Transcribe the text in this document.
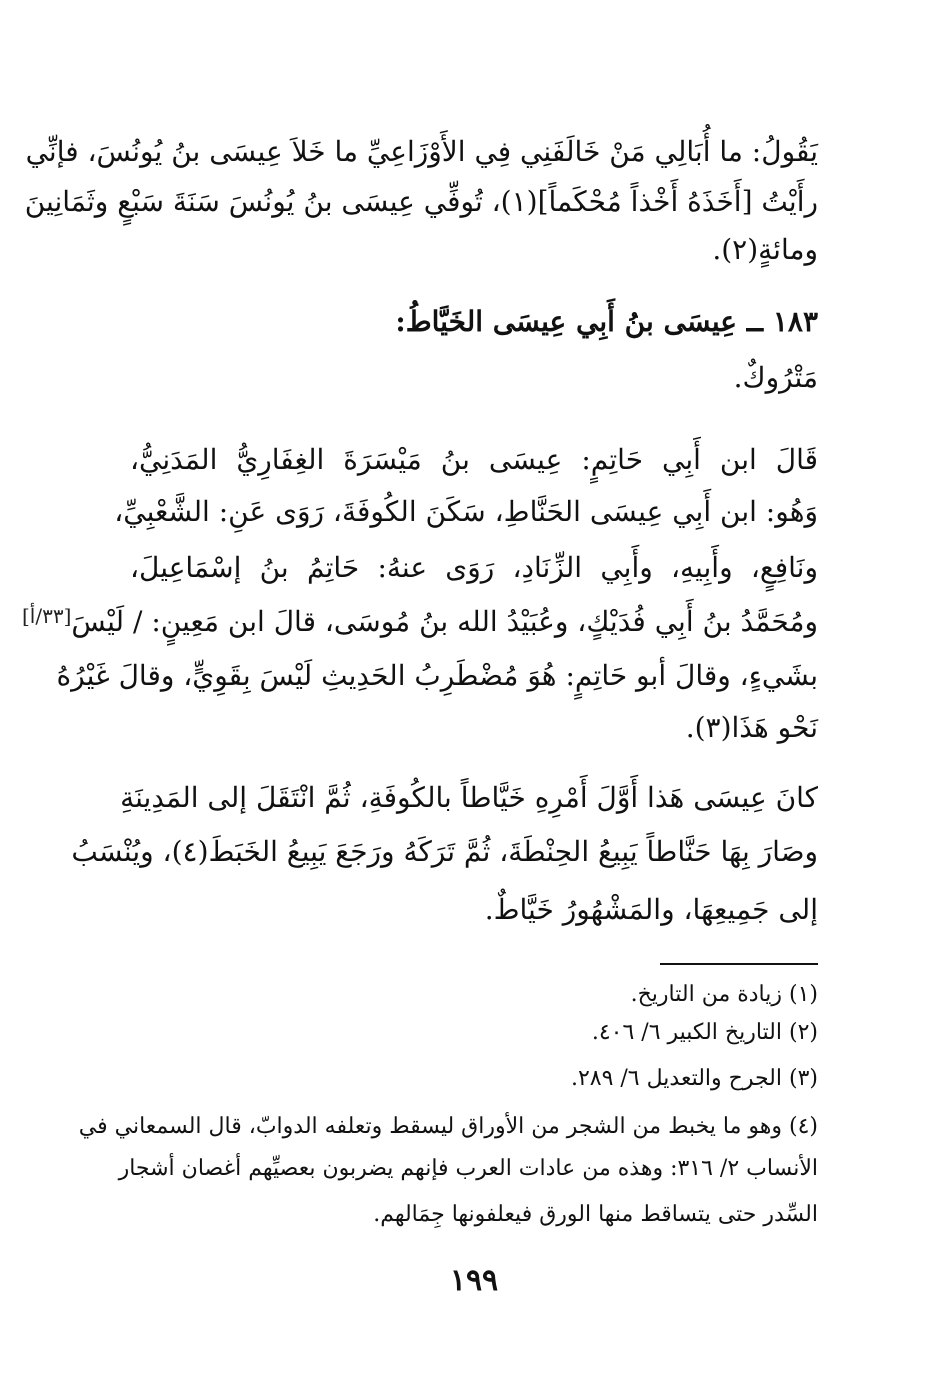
يَقُولُ: ما أُبَالِي مَنْ خَالَفَنِي فِي الأَوْزَاعِيِّ ما خَلاَ عِيسَى بنُ يُونُسَ، فإنِّي
رأَيْتُ [أَخَذَهُ أَخْذاً مُحْكَماً](١)، تُوفِّي عِيسَى بنُ يُونُسَ سَنَةَ سَبْعٍ وثَمَانِينَ
ومائةٍ(٢).
١٨٣ ــ عِيسَى بنُ أَبِي عِيسَى الخَيَّاطُ:
مَتْرُوكٌ.
قَالَ ابن أَبِي حَاتِمٍ: عِيسَى بنُ مَيْسَرَةَ الغِفَارِيُّ المَدَنِيُّ،
وَهُو: ابن أَبِي عِيسَى الحَنَّاطِ، سَكَنَ الكُوفَةَ، رَوَى عَنِ: الشَّعْبِيِّ،
ونَافِعٍ، وأَبِيهِ، وأَبِي الزِّنَادِ، رَوَى عنهُ: حَاتِمُ بنُ إسْمَاعِيلَ،
ومُحَمَّدُ بنُ أَبِي فُدَيْكٍ، وعُبَيْدُ الله بنُ مُوسَى، قالَ ابن مَعِينٍ: / لَيْسَ
بشَيءٍ، وقالَ أبو حَاتِمٍ: هُوَ مُضْطَرِبُ الحَدِيثِ لَيْسَ بِقَوِيٍّ، وقالَ غَيْرُهُ
نَحْو هَذَا(٣).
[٣٣/أ]
كانَ عِيسَى هَذا أَوَّلَ أَمْرِهِ خَيَّاطاً بالكُوفَةِ، ثُمَّ انْتَقَلَ إلى المَدِينَةِ
وصَارَ بِهَا حَنَّاطاً يَبِيعُ الحِنْطَةَ، ثُمَّ تَرَكَهُ ورَجَعَ يَبِيعُ الخَبَطَ(٤)، ويُنْسَبُ
إلى جَمِيعِهَا، والمَشْهُورُ خَيَّاطٌ.
(١) زيادة من التاريخ.
(٢) التاريخ الكبير ٦/ ٤٠٦.
(٣) الجرح والتعديل ٦/ ٢٨٩.
(٤) وهو ما يخبط من الشجر من الأوراق ليسقط وتعلفه الدوابّ، قال السمعاني في
الأنساب ٢/ ٣١٦: وهذه من عادات العرب فإنهم يضربون بعصيِّهم أغصان أشجار
السِّدر حتى يتساقط منها الورق فيعلفونها جِمَالهم.
١٩٩
